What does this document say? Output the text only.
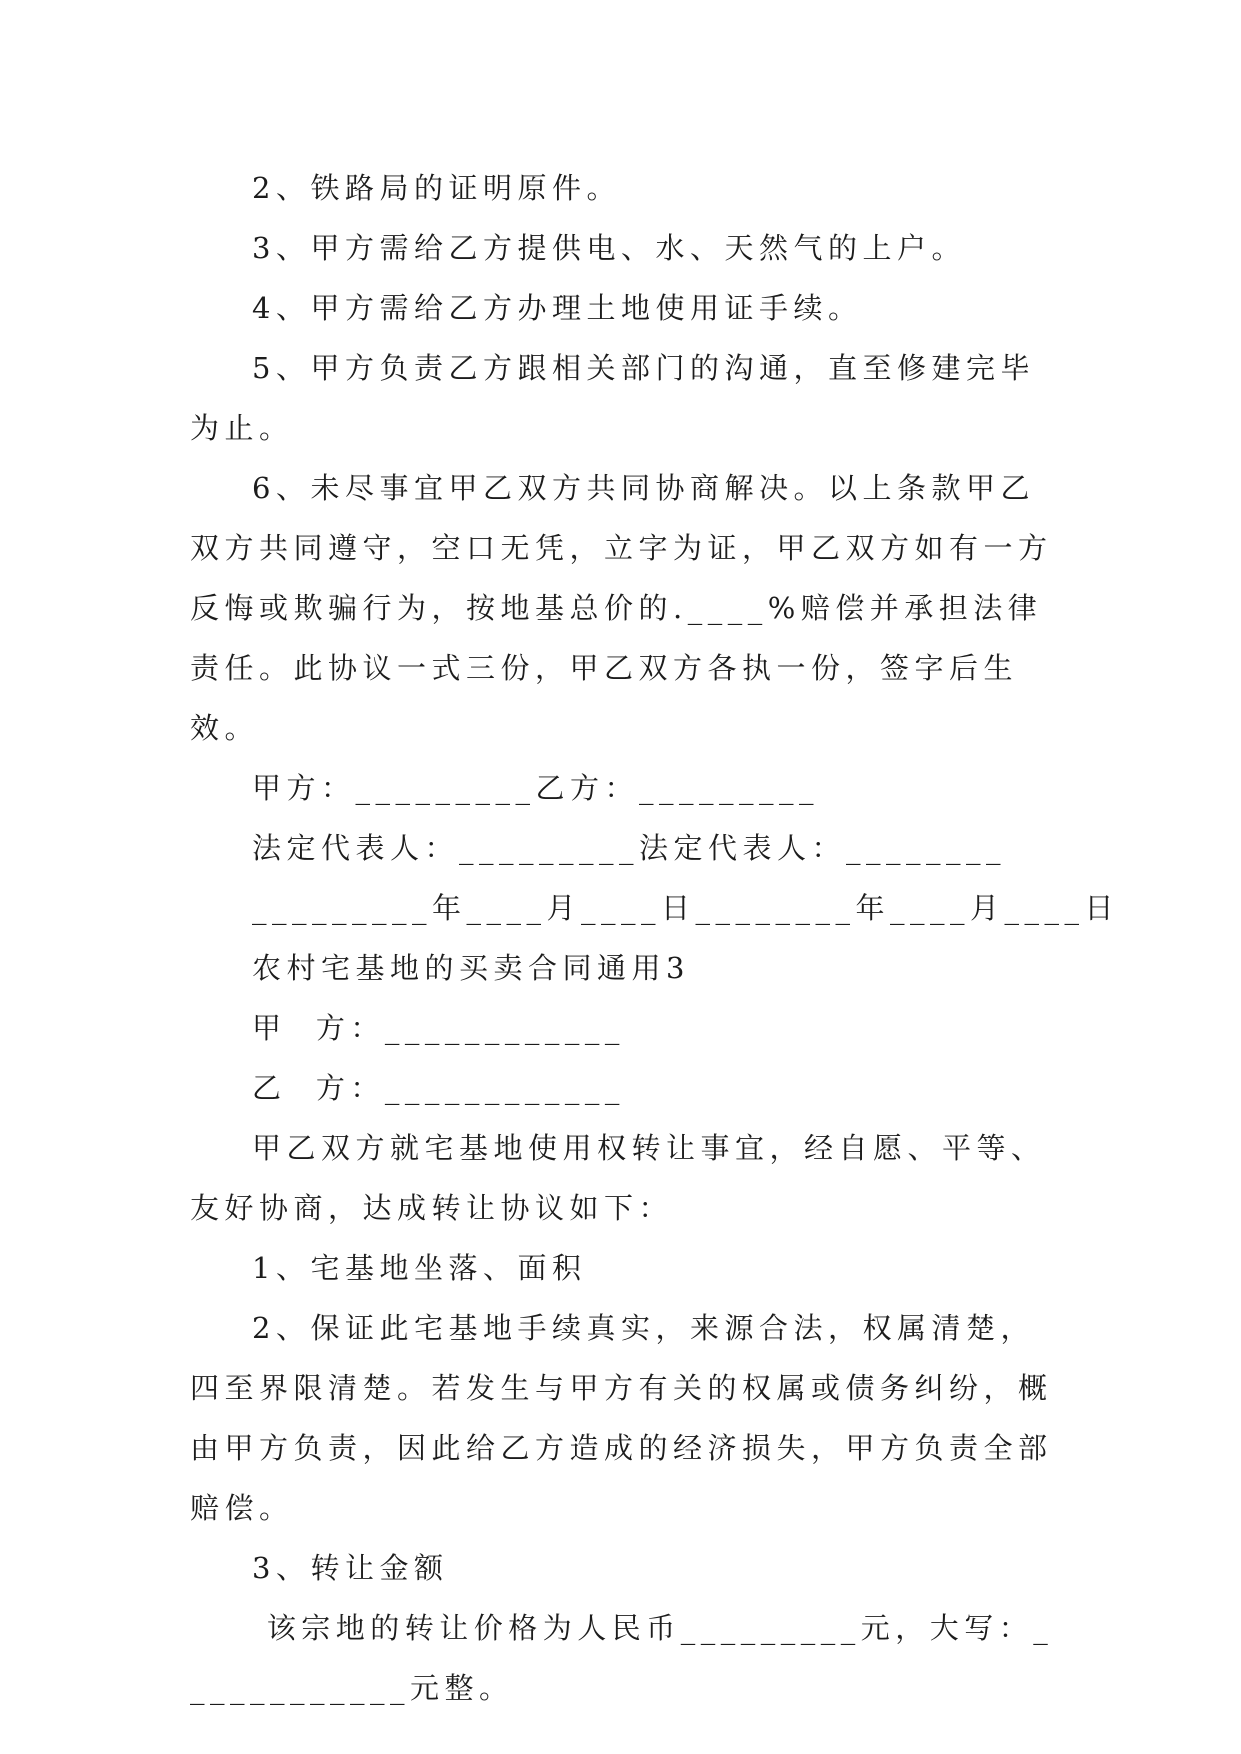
2、铁路局的证明原件。

3、甲方需给乙方提供电、水、天然气的上户。

4、甲方需给乙方办理土地使用证手续。

5、甲方负责乙方跟相关部门的沟通，直至修建完毕为止。

6、未尽事宜甲乙双方共同协商解决。以上条款甲乙双方共同遵守，空口无凭，立字为证，甲乙双方如有一方反悔或欺骗行为，按地基总价的.____%赔偿并承担法律责任。此协议一式三份，甲乙双方各执一份，签字后生效。

甲方：_________乙方：_________

法定代表人：_________法定代表人：________

_________年____月____日________年____月____日

农村宅基地的买卖合同通用3

甲  方：____________

乙  方：____________

甲乙双方就宅基地使用权转让事宜，经自愿、平等、友好协商，达成转让协议如下：

1、宅基地坐落、面积

2、保证此宅基地手续真实，来源合法，权属清楚，四至界限清楚。若发生与甲方有关的权属或债务纠纷，概由甲方负责，因此给乙方造成的经济损失，甲方负责全部赔偿。

3、转让金额

该宗地的转让价格为人民币_________元，大写：____________元整。
